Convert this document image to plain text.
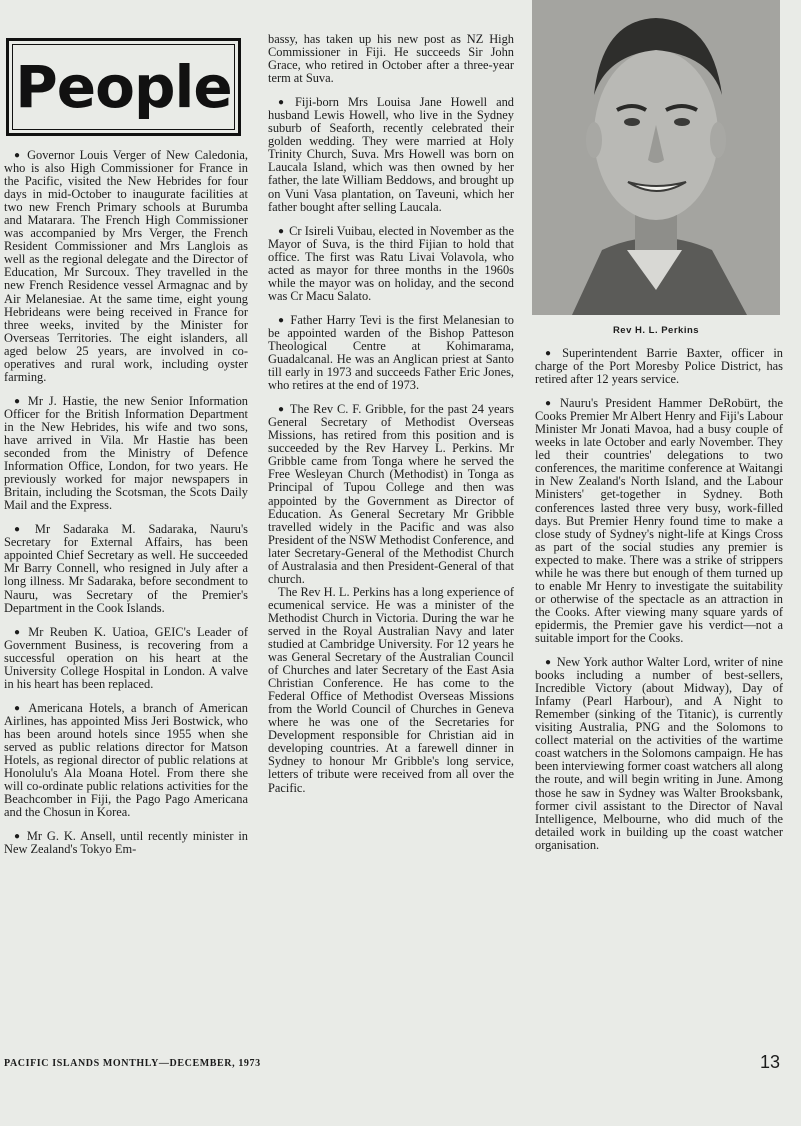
People

● Governor Louis Verger of New Caledonia, who is also High Commissioner for France in the Pacific, visited the New Hebrides for four days in mid-October to inaugurate facilities at two new French Primary schools at Burumba and Matarara. The French High Commissioner was accompanied by Mrs Verger, the French Resident Commissioner and Mrs Langlois as well as the regional delegate and the Director of Education, Mr Surcoux. They travelled in the new French Residence vessel Armagnac and by Air Melanesiae. At the same time, eight young Hebrideans were being received in France for three weeks, invited by the Minister for Overseas Territories. The eight islanders, all aged below 25 years, are involved in co-operatives and rural work, including oyster farming.

● Mr J. Hastie, the new Senior Information Officer for the British Information Department in the New Hebrides, his wife and two sons, have arrived in Vila. Mr Hastie has been seconded from the Ministry of Defence Information Office, London, for two years. He previously worked for major newspapers in Britain, including the Scotsman, the Scots Daily Mail and the Express.

● Mr Sadaraka M. Sadaraka, Nauru's Secretary for External Affairs, has been appointed Chief Secretary as well. He succeeded Mr Barry Connell, who resigned in July after a long illness. Mr Sadaraka, before secondment to Nauru, was Secretary of the Premier's Department in the Cook Islands.

● Mr Reuben K. Uatioa, GEIC's Leader of Government Business, is recovering from a successful operation on his heart at the University College Hospital in London. A valve in his heart has been replaced.

● Americana Hotels, a branch of American Airlines, has appointed Miss Jeri Bostwick, who has been around hotels since 1955 when she served as public relations director for Matson Hotels, as regional director of public relations at Honolulu's Ala Moana Hotel. From there she will co-ordinate public relations activities for the Beachcomber in Fiji, the Pago Pago Americana and the Chosun in Korea.

● Mr G. K. Ansell, until recently minister in New Zealand's Tokyo Em-

bassy, has taken up his new post as NZ High Commissioner in Fiji. He succeeds Sir John Grace, who retired in October after a three-year term at Suva.

● Fiji-born Mrs Louisa Jane Howell and husband Lewis Howell, who live in the Sydney suburb of Seaforth, recently celebrated their golden wedding. They were married at Holy Trinity Church, Suva. Mrs Howell was born on Laucala Island, which was then owned by her father, the late William Beddows, and brought up on Vuni Vasa plantation, on Taveuni, which her father bought after selling Laucala.

● Cr Isireli Vuibau, elected in November as the Mayor of Suva, is the third Fijian to hold that office. The first was Ratu Livai Volavola, who acted as mayor for three months in the 1960s while the mayor was on holiday, and the second was Cr Macu Salato.

● Father Harry Tevi is the first Melanesian to be appointed warden of the Bishop Patteson Theological Centre at Kohimarama, Guadalcanal. He was an Anglican priest at Santo till early in 1973 and succeeds Father Eric Jones, who retires at the end of 1973.

● The Rev C. F. Gribble, for the past 24 years General Secretary of Methodist Overseas Missions, has retired from this position and is succeeded by the Rev Harvey L. Perkins. Mr Gribble came from Tonga where he served the Free Wesleyan Church (Methodist) in Tonga as Principal of Tupou College and then was appointed by the Government as Director of Education. As General Secretary Mr Gribble travelled widely in the Pacific and was also President of the NSW Methodist Conference, and later Secretary-General of the Methodist Church of Australasia and then President-General of that church.

The Rev H. L. Perkins has a long experience of ecumenical service. He was a minister of the Methodist Church in Victoria. During the war he served in the Royal Australian Navy and later studied at Cambridge University. For 12 years he was General Secretary of the Australian Council of Churches and later Secretary of the East Asia Christian Conference. He has come to the Federal Office of Methodist Overseas Missions from the World Council of Churches in Geneva where he was one of the Secretaries for Development responsible for Christian aid in developing countries. At a farewell dinner in Sydney to honour Mr Gribble's long service, letters of tribute were received from all over the Pacific.

Rev H. L. Perkins

● Superintendent Barrie Baxter, officer in charge of the Port Moresby Police District, has retired after 12 years service.

● Nauru's President Hammer DeRobürt, the Cooks Premier Mr Albert Henry and Fiji's Labour Minister Mr Jonati Mavoa, had a busy couple of weeks in late October and early November. They led their countries' delegations to two conferences, the maritime conference at Waitangi in New Zealand's North Island, and the Labour Ministers' get-together in Sydney. Both conferences lasted three very busy, work-filled days. But Premier Henry found time to make a close study of Sydney's night-life at Kings Cross as part of the social studies any premier is expected to make. There was a strike of strippers while he was there but enough of them turned up to enable Mr Henry to investigate the suitability or otherwise of the spectacle as an attraction in the Cooks. After viewing many square yards of epidermis, the Premier gave his verdict—not a suitable import for the Cooks.

● New York author Walter Lord, writer of nine books including a number of best-sellers, Incredible Victory (about Midway), Day of Infamy (Pearl Harbour), and A Night to Remember (sinking of the Titanic), is currently visiting Australia, PNG and the Solomons to collect material on the activities of the wartime coast watchers in the Solomons campaign. He has been interviewing former coast watchers all along the route, and will begin writing in June. Among those he saw in Sydney was Walter Brooksbank, former civil assistant to the Director of Naval Intelligence, Melbourne, who did much of the detailed work in building up the coast watcher organisation.

PACIFIC ISLANDS MONTHLY—DECEMBER, 1973	13
